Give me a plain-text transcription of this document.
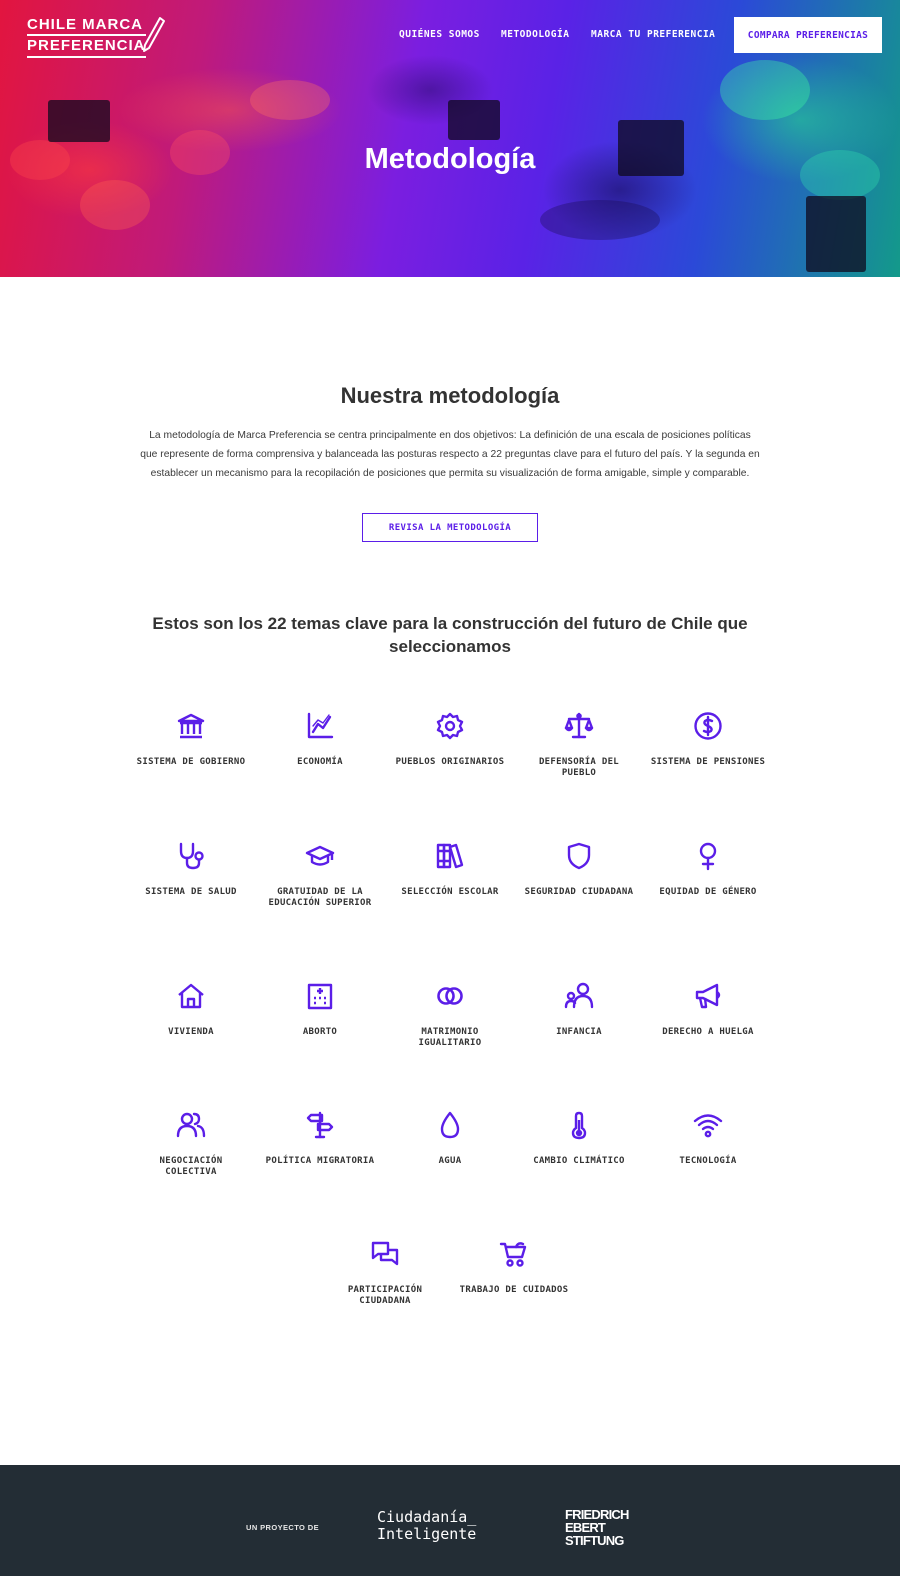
CHILE MARCA
PREFERENCIA
QUIÉNES SOMOS METODOLOGÍA MARCA TU PREFERENCIA	COMPARA PREFERENCIAS
Metodología
Nuestra metodología
La metodología de Marca Preferencia se centra principalmente en dos objetivos: La definición de una escala de posiciones políticas que represente de forma comprensiva y balanceada las posturas respecto a 22 preguntas clave para el futuro del país. Y la segunda en establecer un mecanismo para la recopilación de posiciones que permita su visualización de forma amigable, simple y comparable.
REVISA LA METODOLOGÍA
Estos son los 22 temas clave para la construcción del futuro de Chile que seleccionamos
SISTEMA DE GOBIERNO	ECONOMÍA	PUEBLOS ORIGINARIOS	DEFENSORÍA DEL PUEBLO
SISTEMA DE PENSIONES
SISTEMA DE SALUD	GRATUIDAD DE LA EDUCACIÓN SUPERIOR
SELECCIÓN ESCOLAR	SEGURIDAD CIUDADANA	EQUIDAD DE GÉNERO
VIVIENDA	ABORTO	MATRIMONIO IGUALITARIO
INFANCIA	DERECHO A HUELGA
NEGOCIACIÓN COLECTIVA
POLÍTICA MIGRATORIA	AGUA	CAMBIO CLIMÁTICO	TECNOLOGÍA
PARTICIPACIÓN CIUDADANA
TRABAJO DE CUIDADOS
UN PROYECTO DE
Ciudadanía_
Inteligente
FRIEDRICH
EBERT
STIFTUNG
